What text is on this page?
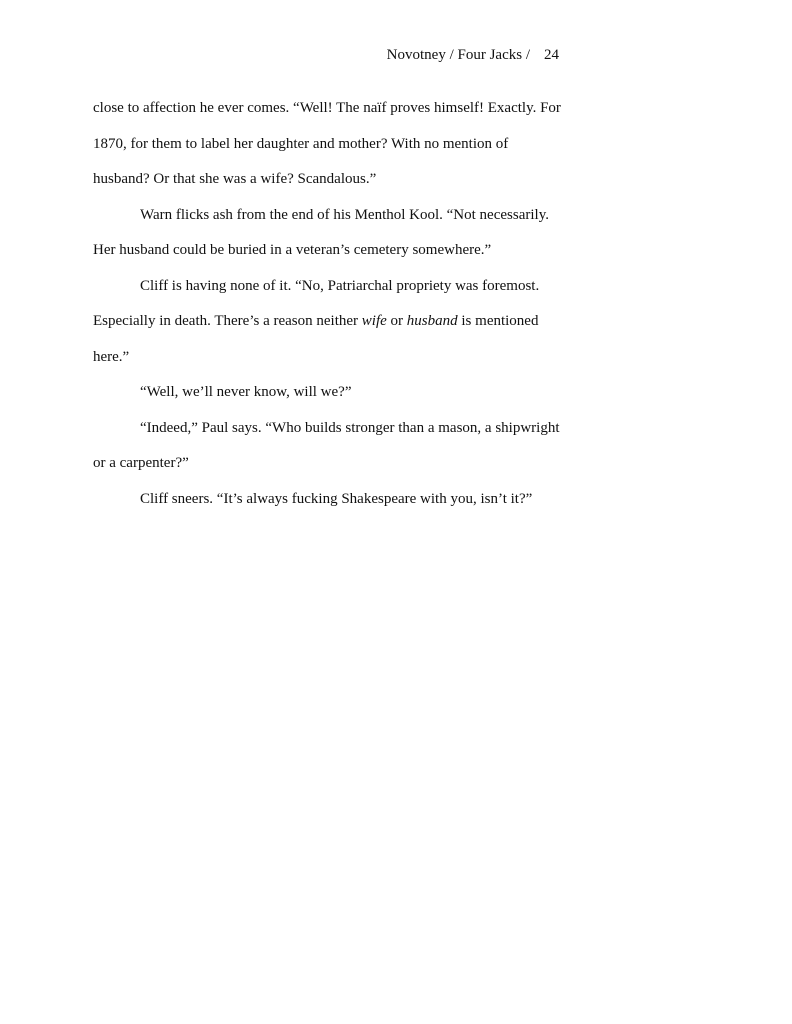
Novotney / Four Jacks / 24

close to affection he ever comes. “Well! The naïf proves himself! Exactly. For 1870, for them to label her daughter and mother? With no mention of husband? Or that she was a wife? Scandalous.”

Warn flicks ash from the end of his Menthol Kool. “Not necessarily. Her husband could be buried in a veteran’s cemetery somewhere.”

Cliff is having none of it. “No, Patriarchal propriety was foremost. Especially in death. There’s a reason neither wife or husband is mentioned here.”

“Well, we’ll never know, will we?”

“Indeed,” Paul says. “Who builds stronger than a mason, a shipwright or a carpenter?”

Cliff sneers. “It’s always fucking Shakespeare with you, isn’t it?”
